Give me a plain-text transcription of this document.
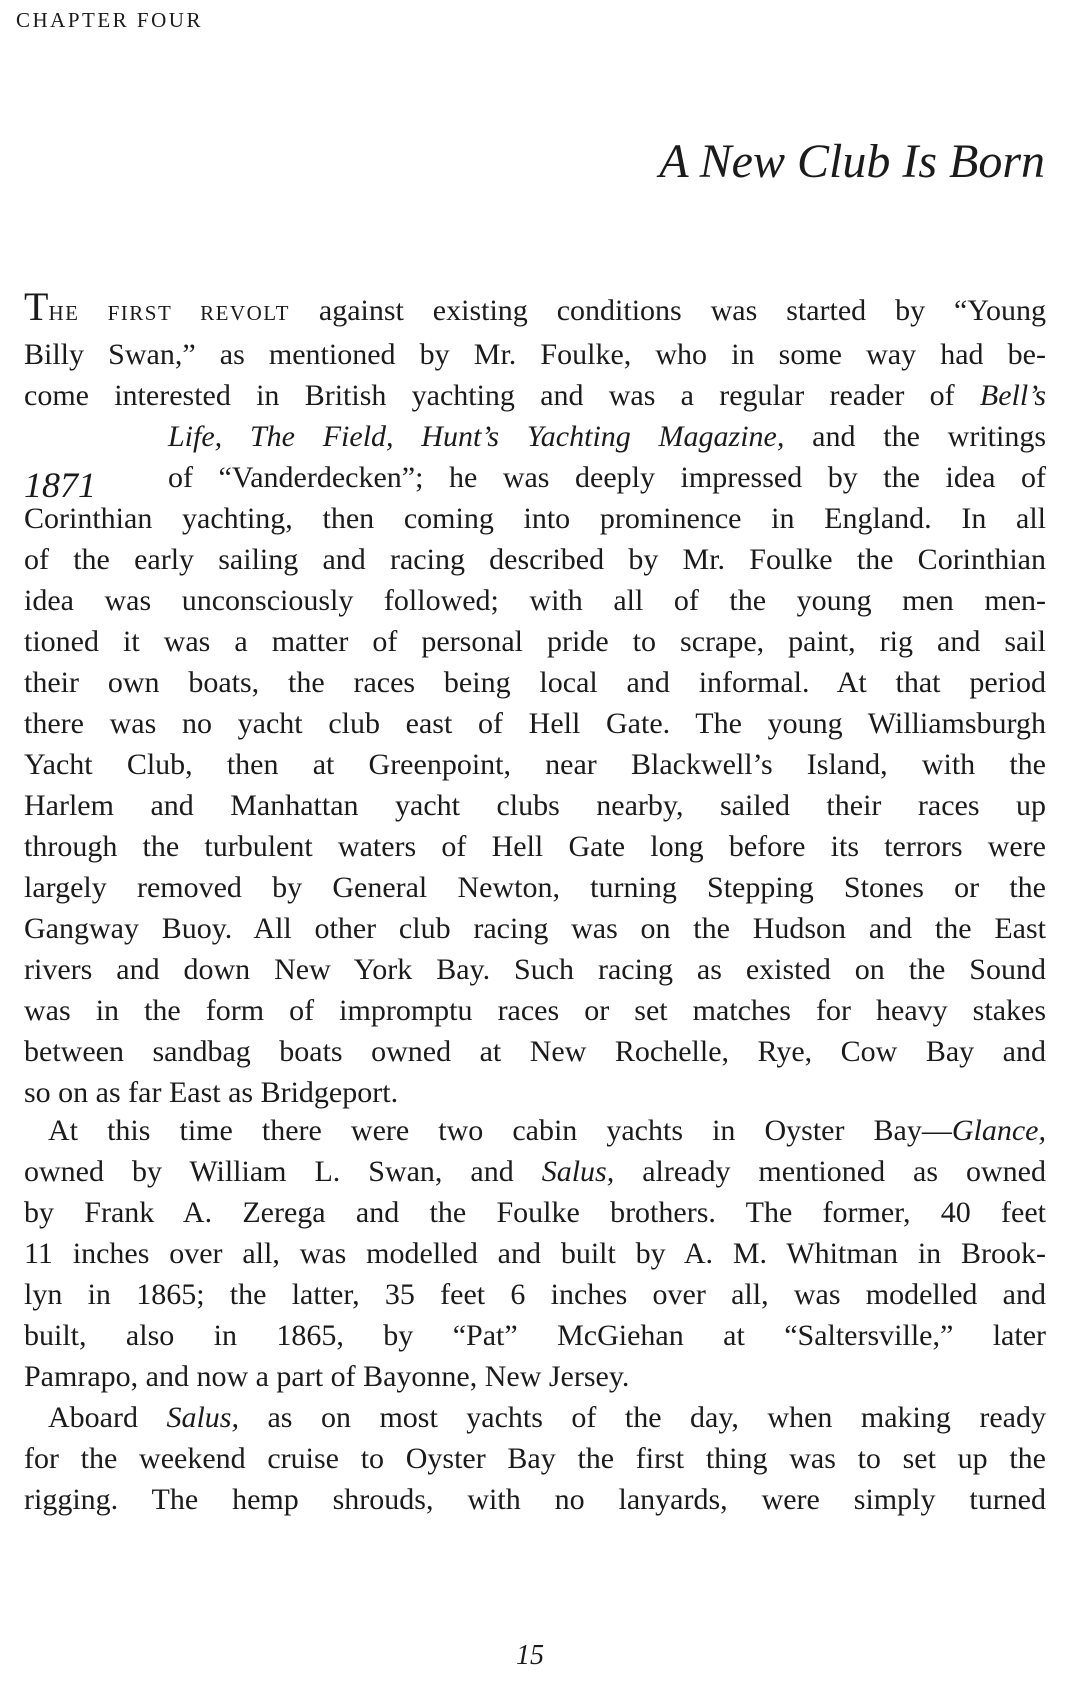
CHAPTER FOUR
A New Club Is Born
1871

THE FIRST REVOLT against existing conditions was started by “Young
Billy Swan,” as mentioned by Mr. Foulke, who in some way had be-
come interested in British yachting and was a regular reader of Bell’s
Life, The Field, Hunt’s Yachting Magazine, and the writings
of “Vanderdecken”; he was deeply impressed by the idea of
Corinthian yachting, then coming into prominence in England. In all
of the early sailing and racing described by Mr. Foulke the Corinthian
idea was unconsciously followed; with all of the young men men-
tioned it was a matter of personal pride to scrape, paint, rig and sail
their own boats, the races being local and informal. At that period
there was no yacht club east of Hell Gate. The young Williamsburgh
Yacht Club, then at Greenpoint, near Blackwell’s Island, with the
Harlem and Manhattan yacht clubs nearby, sailed their races up
through the turbulent waters of Hell Gate long before its terrors were
largely removed by General Newton, turning Stepping Stones or the
Gangway Buoy. All other club racing was on the Hudson and the East
rivers and down New York Bay. Such racing as existed on the Sound
was in the form of impromptu races or set matches for heavy stakes
between sandbag boats owned at New Rochelle, Rye, Cow Bay and
so on as far East as Bridgeport.

At this time there were two cabin yachts in Oyster Bay—Glance,
owned by William L. Swan, and Salus, already mentioned as owned
by Frank A. Zerega and the Foulke brothers. The former, 40 feet
11 inches over all, was modelled and built by A. M. Whitman in Brook-
lyn in 1865; the latter, 35 feet 6 inches over all, was modelled and
built, also in 1865, by “Pat” McGiehan at “Saltersville,” later
Pamrapo, and now a part of Bayonne, New Jersey.

Aboard Salus, as on most yachts of the day, when making ready
for the weekend cruise to Oyster Bay the first thing was to set up the
rigging. The hemp shrouds, with no lanyards, were simply turned

15
